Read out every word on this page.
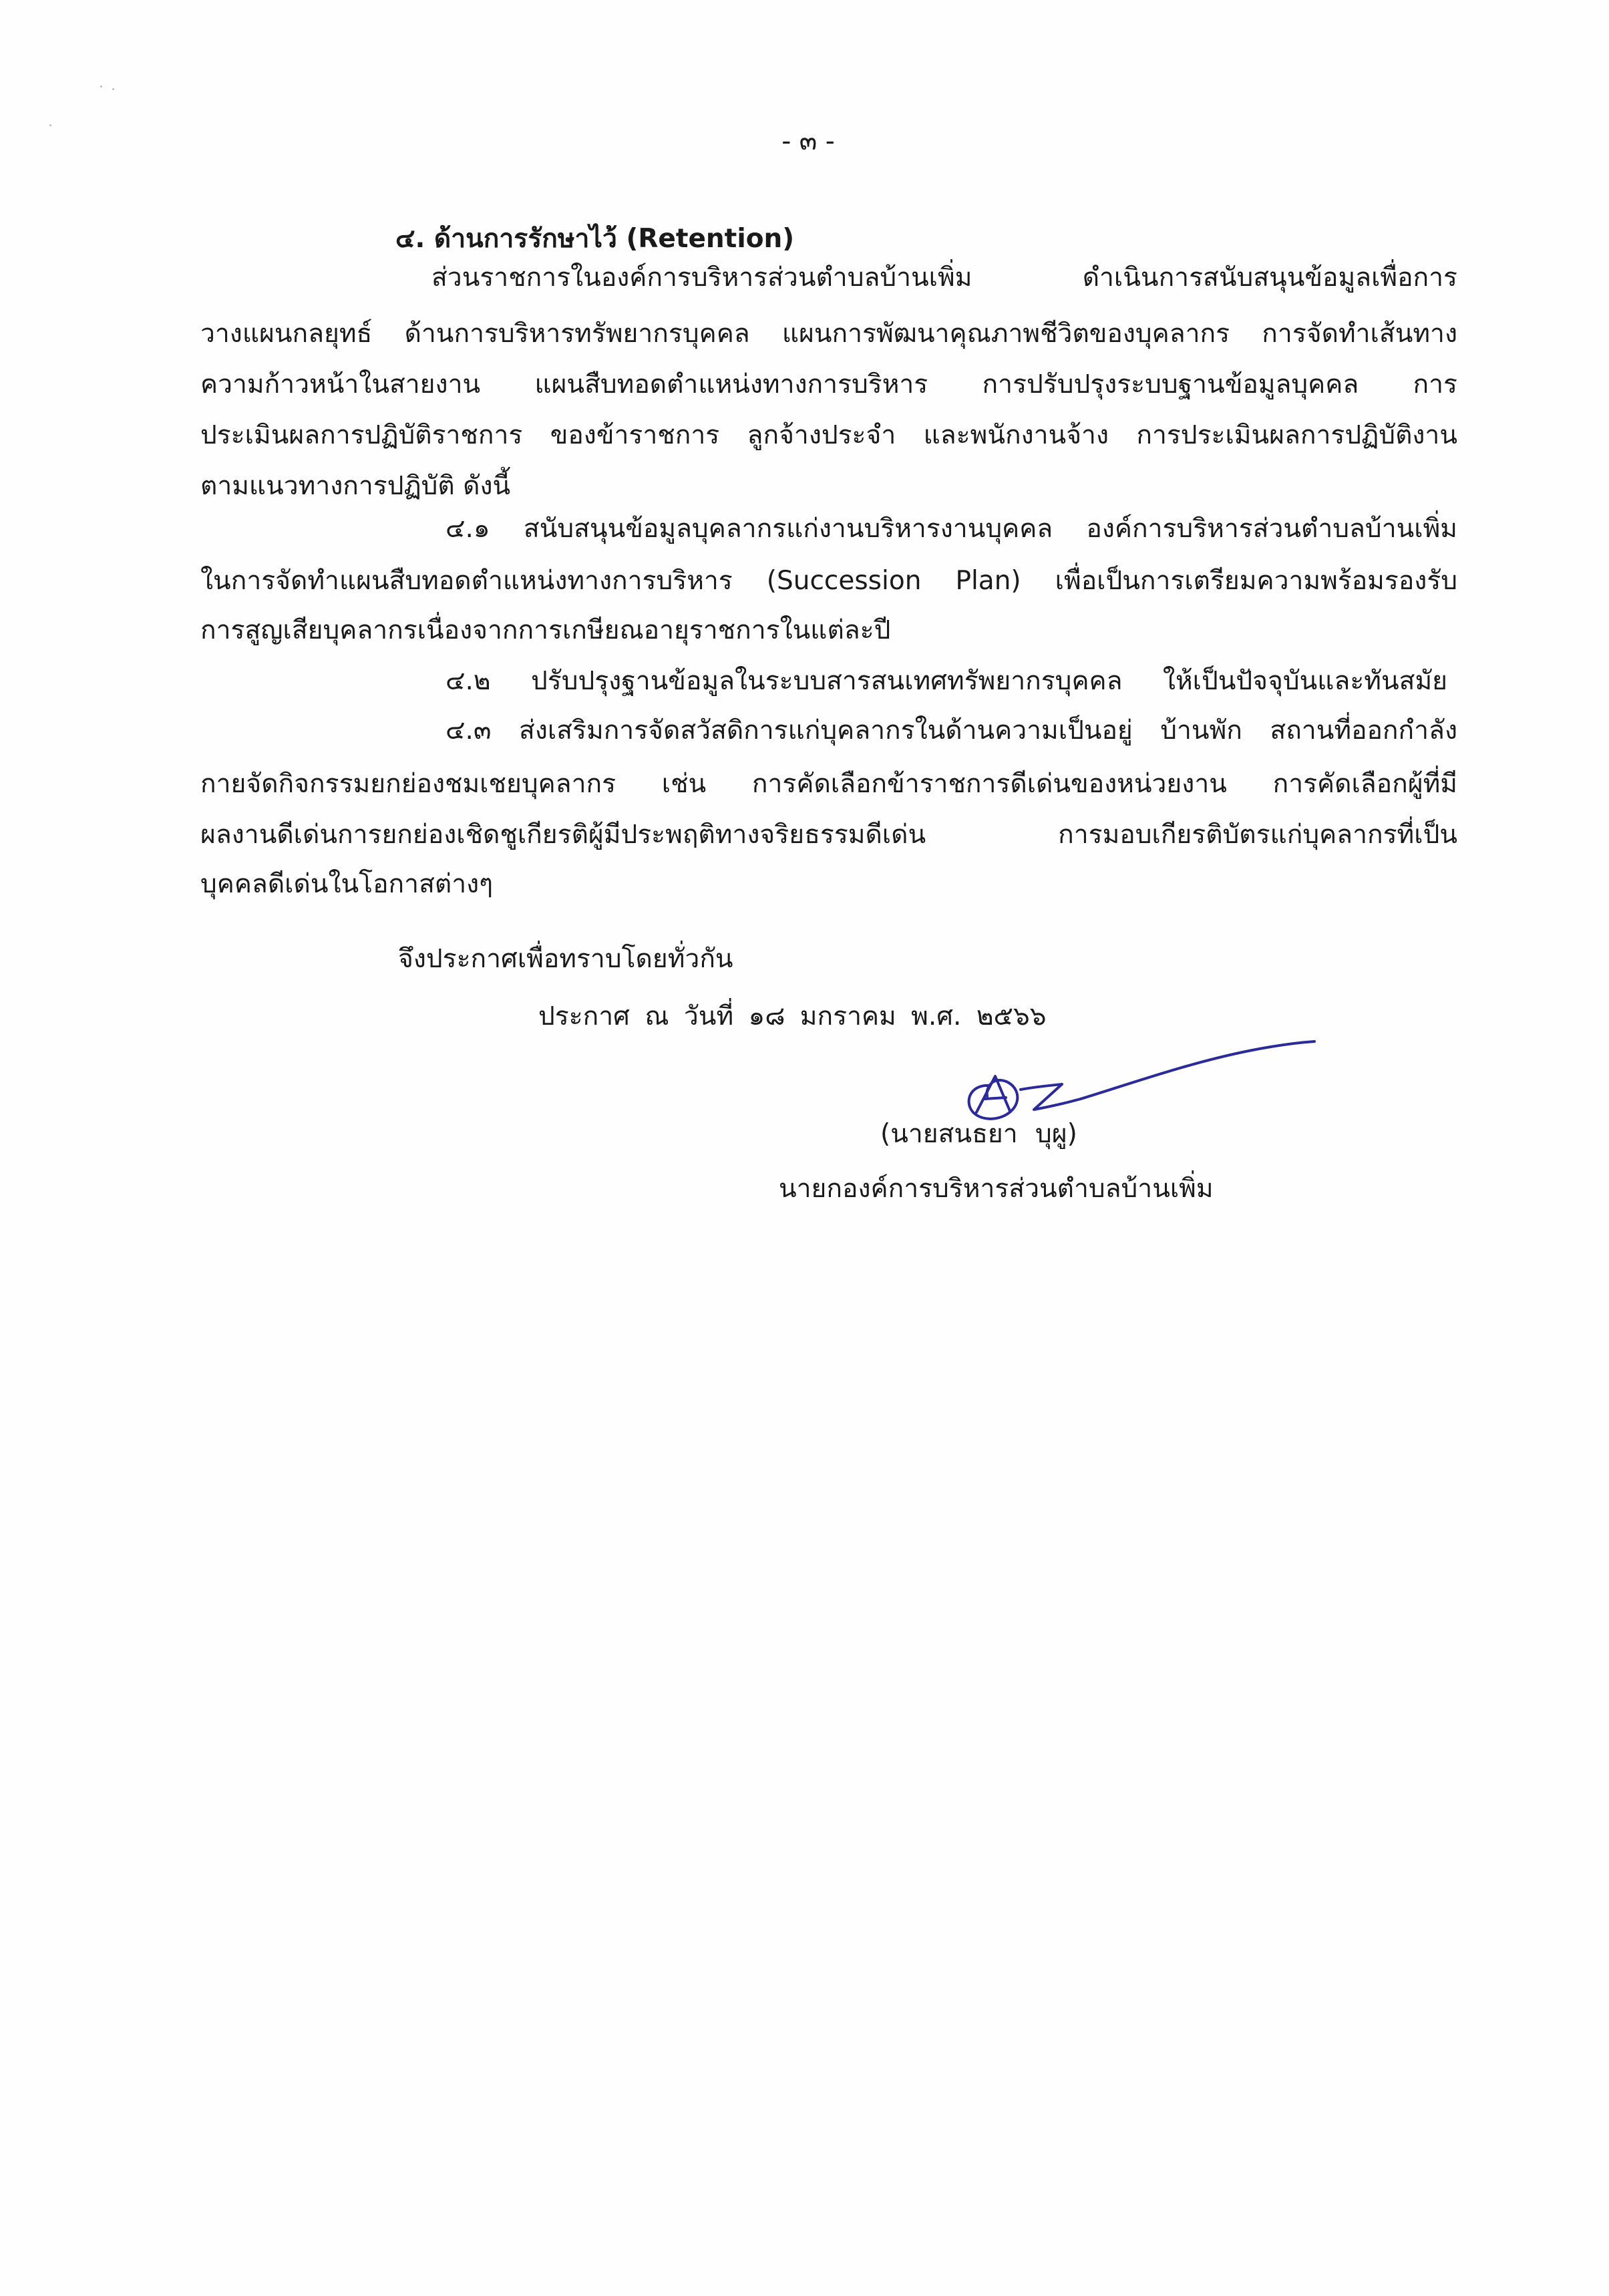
- ๓ -
๔. ด้านการรักษาไว้ (Retention)
ส่วนราชการในองค์การบริหารส่วนตำบลบ้านเพิ่ม ดำเนินการสนับสนุนข้อมูลเพื่อการ
วางแผนกลยุทธ์ ด้านการบริหารทรัพยากรบุคคล แผนการพัฒนาคุณภาพชีวิตของบุคลากร การจัดทำเส้นทาง
ความก้าวหน้าในสายงาน แผนสืบทอดตำแหน่งทางการบริหาร การปรับปรุงระบบฐานข้อมูลบุคคล การ
ประเมินผลการปฏิบัติราชการ ของข้าราชการ ลูกจ้างประจำ และพนักงานจ้าง การประเมินผลการปฏิบัติงาน
ตามแนวทางการปฏิบัติ ดังนี้
๔.๑ สนับสนุนข้อมูลบุคลากรแก่งานบริหารงานบุคคล องค์การบริหารส่วนตำบลบ้านเพิ่ม
ในการจัดทำแผนสืบทอดตำแหน่งทางการบริหาร (Succession Plan) เพื่อเป็นการเตรียมความพร้อมรองรับ
การสูญเสียบุคลากรเนื่องจากการเกษียณอายุราชการในแต่ละปี
๔.๒ ปรับปรุงฐานข้อมูลในระบบสารสนเทศทรัพยากรบุคคล ให้เป็นปัจจุบันและทันสมัย
๔.๓ ส่งเสริมการจัดสวัสดิการแก่บุคลากรในด้านความเป็นอยู่ บ้านพัก สถานที่ออกกำลัง
กายจัดกิจกรรมยกย่องชมเชยบุคลากร เช่น การคัดเลือกข้าราชการดีเด่นของหน่วยงาน การคัดเลือกผู้ที่มี
ผลงานดีเด่นการยกย่องเชิดชูเกียรติผู้มีประพฤติทางจริยธรรมดีเด่น การมอบเกียรติบัตรแก่บุคลากรที่เป็น
บุคคลดีเด่นในโอกาสต่างๆ
จึงประกาศเพื่อทราบโดยทั่วกัน
ประกาศ ณ วันที่ ๑๘ มกราคม พ.ศ. ๒๕๖๖
(นายสนธยา บุผู)
นายกองค์การบริหารส่วนตำบลบ้านเพิ่ม
